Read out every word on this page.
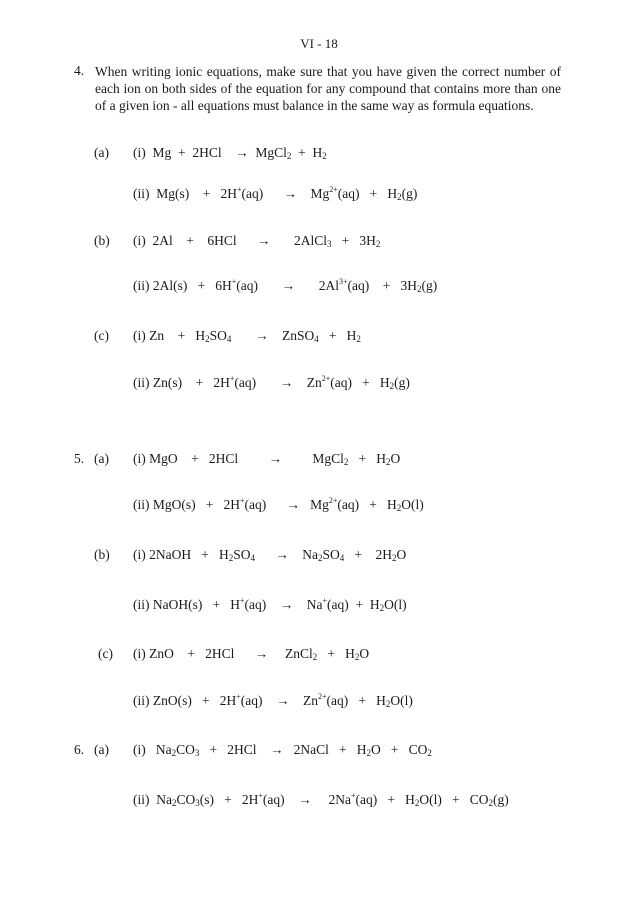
VI - 18
4. When writing ionic equations, make sure that you have given the correct number of each ion on both sides of the equation for any compound that contains more than one of a given ion - all equations must balance in the same way as formula equations.
(a) (i) Mg + 2HCl → MgCl$_2$ + $H_2$
(ii) $Mg(s) + 2H^+(aq) \to Mg^{2+}(aq) + H_2(g)$
(b) (i) 2Al + 6HCl → 2AlCl$_3$ + $3H_2$
(ii) $2Al(s) + 6H^+(aq) \to 2Al^{3+}(aq) + 3H_2(g)$
(c) (i) $Zn + H_2SO_4$ → ZnSO$_4$ + $H_2$
(ii) $Zn(s) + 2H^+(aq) \to Zn^{2+}(aq) + H_2(g)$
5. (a) (i) MgO + 2HCl → MgCl$_2$ + $H_2O$
(ii) $MgO(s) + 2H^+(aq) \to Mg^{2+}(aq) + H_2O(l)$
(b) (i) 2NaOH + $H_2SO_4 \to Na_2SO_4 + 2H_2O$
(ii) NaOH(s) + $H^+(aq) \to Na^+(aq) + H_2O(l)$
(c) (i) ZnO + 2HCl → ZnCl$_2$ + $H_2O$
(ii) $ZnO(s) + 2H^+(aq) \to Zn^{2+}(aq) + H_2O(l)$
6. (a) (i) $Na_2CO_3 + 2HCl$ → 2NaCl + $H_2O + CO_2$
(ii) $Na_2CO_3(s) + 2H^+(aq) \to 2Na^+(aq) + H_2O(l) + CO_2(g)$
